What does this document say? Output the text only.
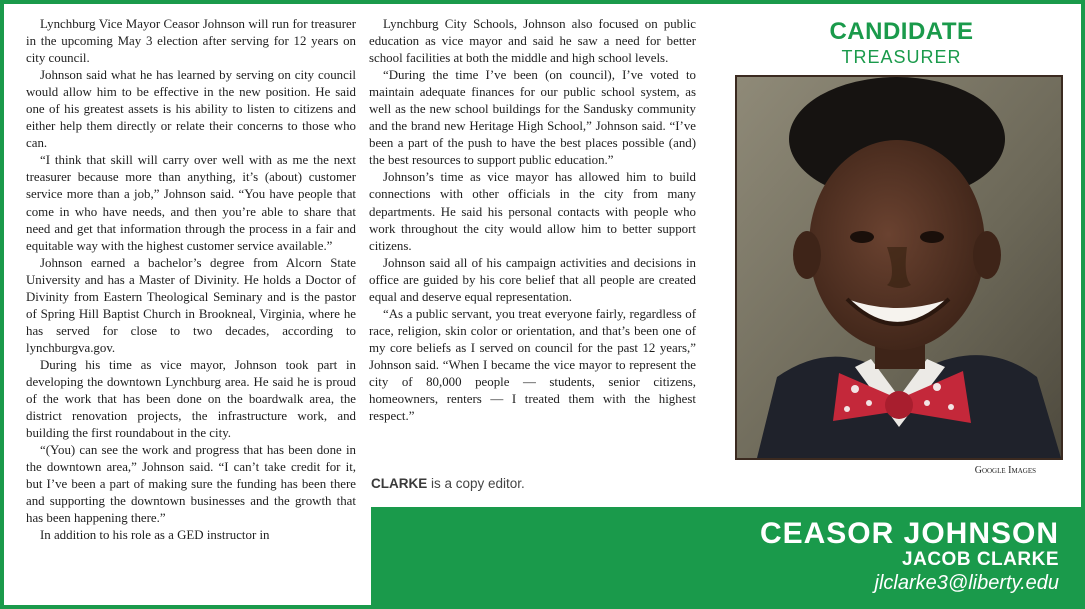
Lynchburg Vice Mayor Ceasor Johnson will run for treasurer in the upcoming May 3 election after serving for 12 years on city council.

Johnson said what he has learned by serving on city council would allow him to be effective in the new position. He said one of his greatest assets is his ability to listen to citizens and either help them directly or relate their concerns to those who can.

“I think that skill will carry over well with as me the next treasurer because more than anything, it’s (about) customer service more than a job,” Johnson said. “You have people that come in who have needs, and then you’re able to share that need and get that information through the process in a fair and equitable way with the highest customer service available.”

Johnson earned a bachelor’s degree from Alcorn State University and has a Master of Divinity. He holds a Doctor of Divinity from Eastern Theological Seminary and is the pastor of Spring Hill Baptist Church in Brookneal, Virginia, where he has served for close to two decades, according to lynchburgva.gov.

During his time as vice mayor, Johnson took part in developing the downtown Lynchburg area. He said he is proud of the work that has been done on the boardwalk area, the district renovation projects, the infrastructure work, and building the first roundabout in the city.

“(You) can see the work and progress that has been done in the downtown area,” Johnson said. “I can’t take credit for it, but I’ve been a part of making sure the funding has been there and supporting the downtown businesses and the growth that has been happening there.”

In addition to his role as a GED instructor in

Lynchburg City Schools, Johnson also focused on public education as vice mayor and said he saw a need for better school facilities at both the middle and high school levels.

“During the time I’ve been (on council), I’ve voted to maintain adequate finances for our public school system, as well as the new school buildings for the Sandusky community and the brand new Heritage High School,” Johnson said. “I’ve been a part of the push to have the best places possible (and) the best resources to support public education.”

Johnson’s time as vice mayor has allowed him to build connections with other officials in the city from many departments. He said his personal contacts with people who work throughout the city would allow him to better support citizens.

Johnson said all of his campaign activities and decisions in office are guided by his core belief that all people are created equal and deserve equal representation.

“As a public servant, you treat everyone fairly, regardless of race, religion, skin color or orientation, and that’s been one of my core beliefs as I served on council for the past 12 years,” Johnson said. “When I became the vice mayor to represent the city of 80,000 people — students, senior citizens, homeowners, renters — I treated them with the highest respect.”

CLARKE is a copy editor.
CANDIDATE
TREASURER
Google Images
CEASOR JOHNSON
JACOB CLARKE
jlclarke3@liberty.edu
